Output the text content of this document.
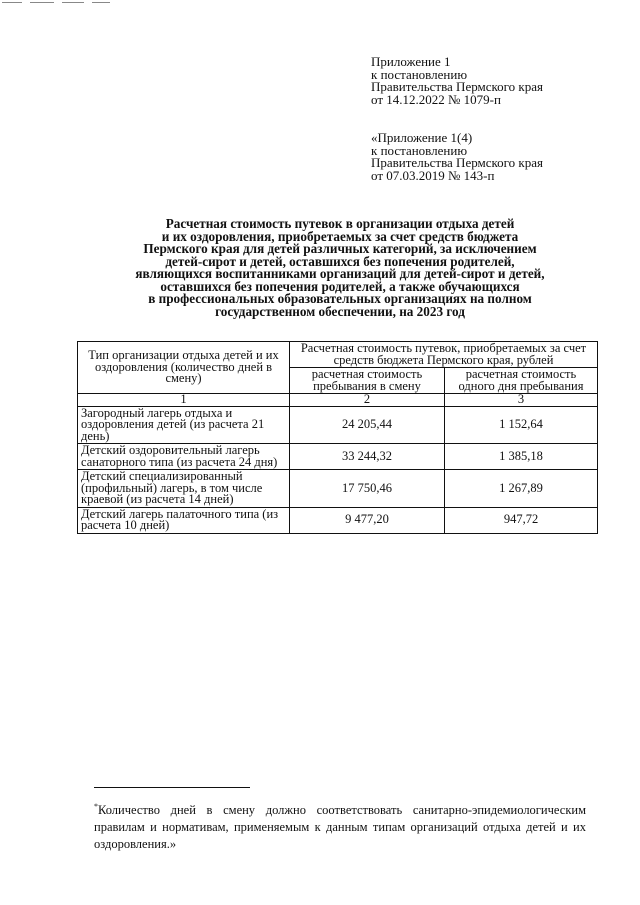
Приложение 1
к постановлению
Правительства Пермского края
от 14.12.2022 № 1079-п
«Приложение 1(4)
к постановлению
Правительства Пермского края
от 07.03.2019 № 143-п
Расчетная стоимость путевок в организации отдыха детей
и их оздоровления, приобретаемых за счет средств бюджета
Пермского края для детей различных категорий, за исключением
детей-сирот и детей, оставшихся без попечения родителей,
являющихся воспитанниками организаций для детей-сирот и детей,
оставшихся без попечения родителей, а также обучающихся
в профессиональных образовательных организациях на полном
государственном обеспечении, на 2023 год
Тип организации отдыха детей и их оздоровления (количество дней в смену)	Расчетная стоимость путевок, приобретаемых за счет средств бюджета Пермского края, рублей	
	расчетная стоимость пребывания в смену	расчетная стоимость одного дня пребывания
1	2	3
Загородный лагерь отдыха и оздоровления детей (из расчета 21 день)	24 205,44	1 152,64
Детский оздоровительный лагерь санаторного типа (из расчета 24 дня)	33 244,32	1 385,18
Детский специализированный (профильный) лагерь, в том числе краевой (из расчета 14 дней)	17 750,46	1 267,89
Детский лагерь палаточного типа (из расчета 10 дней)	9 477,20	947,72
*Количество дней в смену должно соответствовать санитарно-эпидемиологическим правилам и нормативам, применяемым к данным типам организаций отдыха детей и их оздоровления.»
